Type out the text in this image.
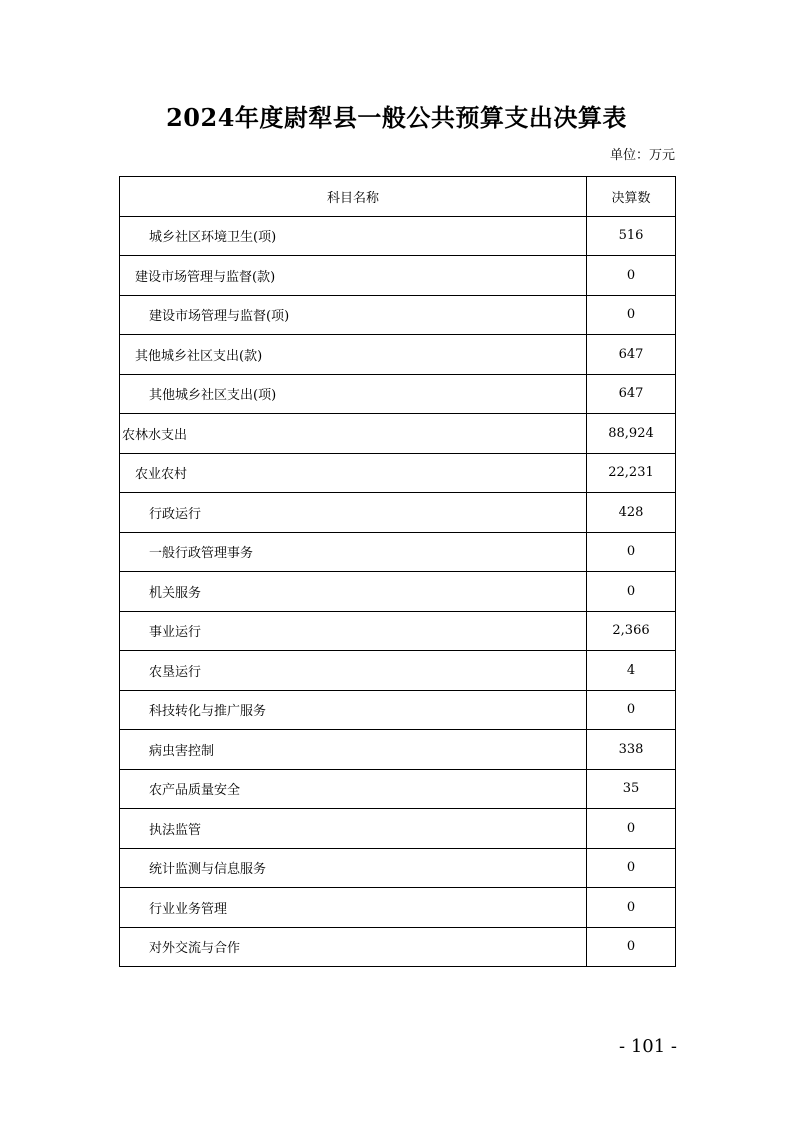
2024年度尉犁县一般公共预算支出决算表
单位：万元
科目名称	决算数
城乡社区环境卫生(项)	516
建设市场管理与监督(款)	0
建设市场管理与监督(项)	0
其他城乡社区支出(款)	647
其他城乡社区支出(项)	647
农林水支出	88,924
农业农村	22,231
行政运行	428
一般行政管理事务	0
机关服务	0
事业运行	2,366
农垦运行	4
科技转化与推广服务	0
病虫害控制	338
农产品质量安全	35
执法监管	0
统计监测与信息服务	0
行业业务管理	0
对外交流与合作	0
- 101 -
